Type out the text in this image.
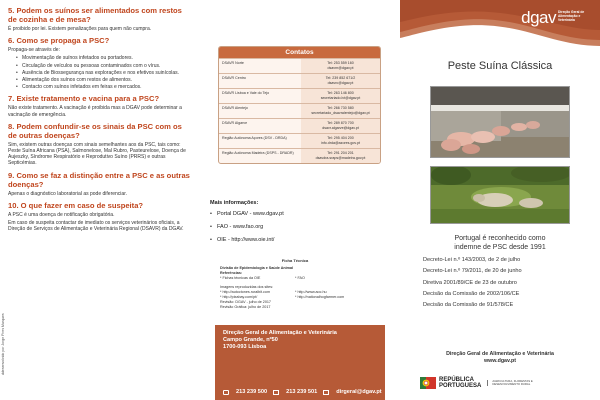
5. Podem os suínos ser alimentados com restos de cozinha e de mesa?
É proibido por lei. Existem penalizações para quem não cumpra.
6. Como se propaga a PSC?
Propaga-se através de:
• Movimentação de suínos infetados ou portadores.
• Circulação de veículos ou pessoas contaminados com o vírus.
• Ausência de Biossegurança nas explorações e nos efetivos suinícolas.
• Alimentação dos suínos com restos de alimentos.
• Contacto com suínos infetados em feiras e mercados.
7. Existe tratamento e vacina para a PSC?
Não existe tratamento. A vacinação é proibida mas a DGAV pode determinar a vacinação de emergência.
8. Podem confundir-se os sinais da PSC com os de outras doenças?
Sim, existem outras doenças com sinais semelhantes aos da PSC, tais como: Peste Suína Africana (PSA), Salmonelose, Mal Rubro, Pasteurelose, Doença de Aujeszky, Síndrome Respiratório e Reprodutivo Suíno (PRRS) e outras Septicémias.
9. Como se faz a distinção entre a PSC e as outras doenças?
Apenas o diagnóstico laboratorial as pode diferenciar.
10. O que fazer em caso de suspeita?
A PSC é uma doença de notificação obrigatória.
Em caso de suspeita contactar de imediato os serviços veterinários oficiais, a Direção de Serviços de Alimentação e Veterinária Regional (DSAVR) da DGAV.
ddesenvolvido por Jorge Pires Marques
Contatos
DSAVR Norte	Tel: 253 559 160
dsavrn@dgav.pt
DSAVR Centro	Tel: 239 852 671/2
dsavrc@dgav.pt
DSAVR Lisboa e Vale do Tejo	Tel: 263 146 800
secretariado.lvt@dgav.pt
DSAVR Alentejo	Tel: 266 730 580
secretariado_dsavralentejo@dgav.pt
DSAVR Algarve	Tel: 289 870 700
dsavr.algarve@dgav.pt
Região Autónoma Açores (DSV - DRDA)	Tel: 295 404 200
info.drda@azores.gov.pt
Região Autónoma Madeira (DSPS - DRADR)	Tel: 291 204 201
dsavdra.sraps@madeira.gov.pt
Mais informações:
• Portal DGAV - www.dgav.pt
• FAO - www.fao.org
• OIE - http://www.oie.int/
Ficha Técnica
Divisão de Epidemiologia e Saúde Animal
Referências:
* Fichas técnicas da OIE	* FAO
Imagens reproduzidas dos sites:
* http://autoctones.ruralbit.com	* http://www.aoc.hu
* http://pixabay.com/pt/	* http://nationalhogfarmer.com
Revisão: DGAV - julho de 2017
Revisão Gráfica: julho de 2017
Direção Geral de Alimentação e Veterinária
Campo Grande, nº50
1700-093 Lisboa
213 239 500	213 239 501	dirgeral@dgav.pt
dgav Direção Geral de Alimentação e Veterinária
Peste Suína Clássica
Portugal é reconhecido como
indemne de PSC desde 1991
Decreto-Lei n.º 143/2003, de 2 de julho
Decreto-Lei n.º 79/2011, de 20 de junho
Diretiva 2001/89/CE de 23 de outubro
Decisão da Comissão de 2002/106/CE
Decisão da Comissão de 91/578/CE
Direção Geral de Alimentação e Veterinária
www.dgav.pt
REPÚBLICA
PORTUGUESA
AGRICULTURA, FLORESTAS E DESENVOLVIMENTO RURAL
